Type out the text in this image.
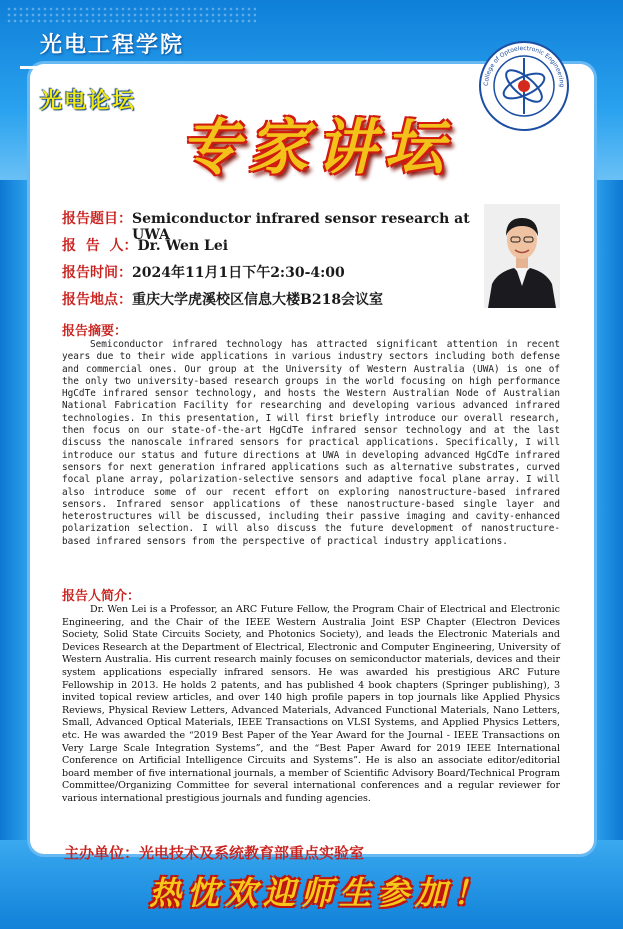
光电工程学院
光电论坛
专家讲坛
College of Optoelectronic Engineering
报告题目： Semiconductor infrared sensor research at UWA
报  告  人： Dr. Wen Lei
报告时间： 2024年11月1日下午2:30-4:00
报告地点： 重庆大学虎溪校区信息大楼B218会议室

报告摘要：

Semiconductor infrared technology has attracted significant attention in recent years due to their wide applications in various industry sectors including both defense and commercial ones. Our group at the University of Western Australia (UWA) is one of the only two university-based research groups in the world focusing on high performance HgCdTe infrared sensor technology, and hosts the Western Australian Node of Australian National Fabrication Facility for researching and developing various advanced infrared technologies. In this presentation, I will first briefly introduce our overall research, then focus on our state-of-the-art HgCdTe infrared sensor technology and at the last discuss the nanoscale infrared sensors for practical applications. Specifically, I will introduce our status and future directions at UWA in developing advanced HgCdTe infrared sensors for next generation infrared applications such as alternative substrates, curved focal plane array, polarization-selective sensors and adaptive focal plane array. I will also introduce some of our recent effort on exploring nanostructure-based infrared sensors. Infrared sensor applications of these nanostructure-based single layer and heterostructures will be discussed, including their passive imaging and cavity-enhanced polarization selection. I will also discuss the future development of nanostructure-based infrared sensors from the perspective of practical industry applications.

报告人简介：

Dr. Wen Lei is a Professor, an ARC Future Fellow, the Program Chair of Electrical and Electronic Engineering, and the Chair of the IEEE Western Australia Joint ESP Chapter (Electron Devices Society, Solid State Circuits Society, and Photonics Society), and leads the Electronic Materials and Devices Research at the Department of Electrical, Electronic and Computer Engineering, University of Western Australia. His current research mainly focuses on semiconductor materials, devices and their system applications especially infrared sensors. He was awarded his prestigious ARC Future Fellowship in 2013. He holds 2 patents, and has published 4 book chapters (Springer publishing), 3 invited topical review articles, and over 140 high profile papers in top journals like Applied Physics Reviews, Physical Review Letters, Advanced Materials, Advanced Functional Materials, Nano Letters, Small, Advanced Optical Materials, IEEE Transactions on VLSI Systems, and Applied Physics Letters, etc. He was awarded the “2019 Best Paper of the Year Award for the Journal - IEEE Transactions on Very Large Scale Integration Systems”, and the “Best Paper Award for 2019 IEEE International Conference on Artificial Intelligence Circuits and Systems”. He is also an associate editor/editorial board member of five international journals, a member of Scientific Advisory Board/Technical Program Committee/Organizing Committee for several international conferences and a regular reviewer for various international prestigious journals and funding agencies.

主办单位：光电技术及系统教育部重点实验室

热忱欢迎师生参加！
